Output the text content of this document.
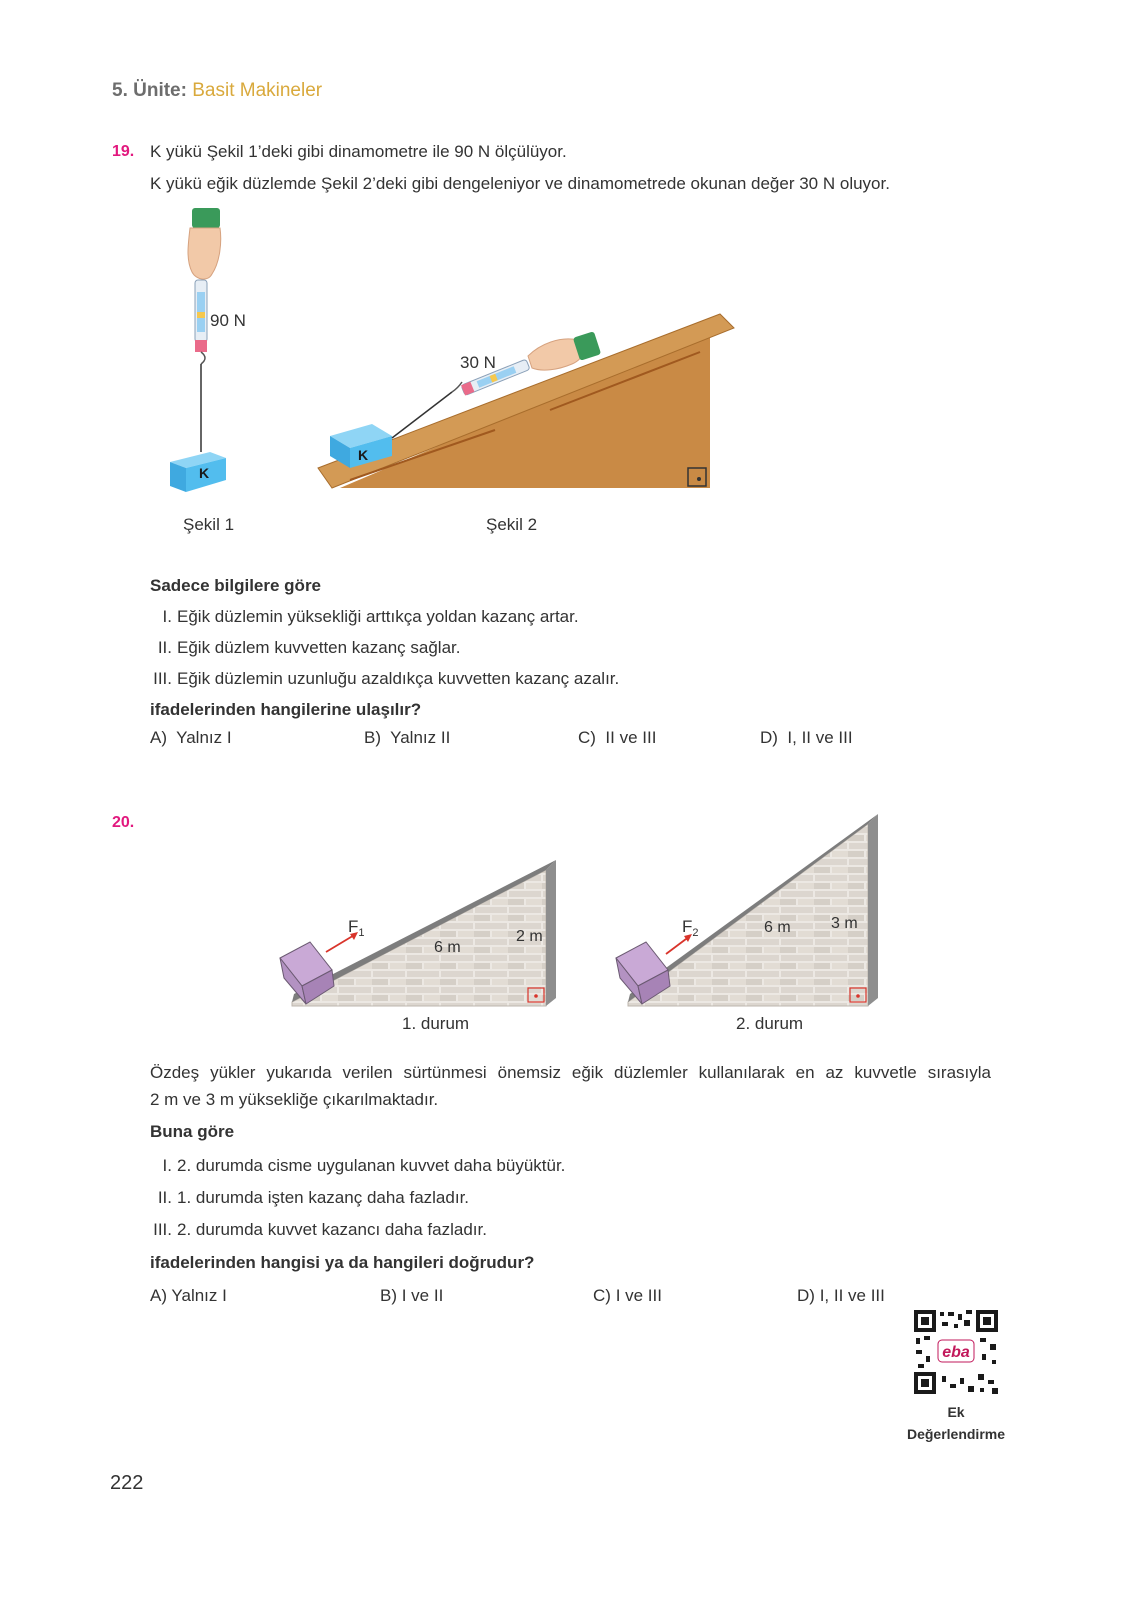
5. Ünite: Basit Makineler
19. K yükü Şekil 1’deki gibi dinamometre ile 90 N ölçülüyor.
K yükü eğik düzlemde Şekil 2’deki gibi dengeleniyor ve dinamometrede okunan değer 30 N oluyor.
K
90 N
Şekil 1
K
30 N
Şekil 2
Sadece bilgilere göre
I. Eğik düzlemin yüksekliği arttıkça yoldan kazanç artar.
II. Eğik düzlem kuvvetten kazanç sağlar.
III. Eğik düzlemin uzunluğu azaldıkça kuvvetten kazanç azalır.
ifadelerinden hangilerine ulaşılır?
A) Yalnız I	B) Yalnız II	C) II ve III	D) I, II ve III
20.
$F_1$
6 m
2 m
$F_2$	6 m	3 m
1. durum	2. durum
Özdeş yükler yukarıda verilen sürtünmesi önemsiz eğik düzlemler kullanılarak en az kuvvetle sırasıyla
2 m ve 3 m yüksekliğe çıkarılmaktadır.
Buna göre
I. 2. durumda cisme uygulanan kuvvet daha büyüktür.
II. 1. durumda işten kazanç daha fazladır.
III. 2. durumda kuvvet kazancı daha fazladır.
ifadelerinden hangisi ya da hangileri doğrudur?
A) Yalnız I	B) I ve II	C) I ve III	D) I, II ve III
eba
Ek
Değerlendirme
222
